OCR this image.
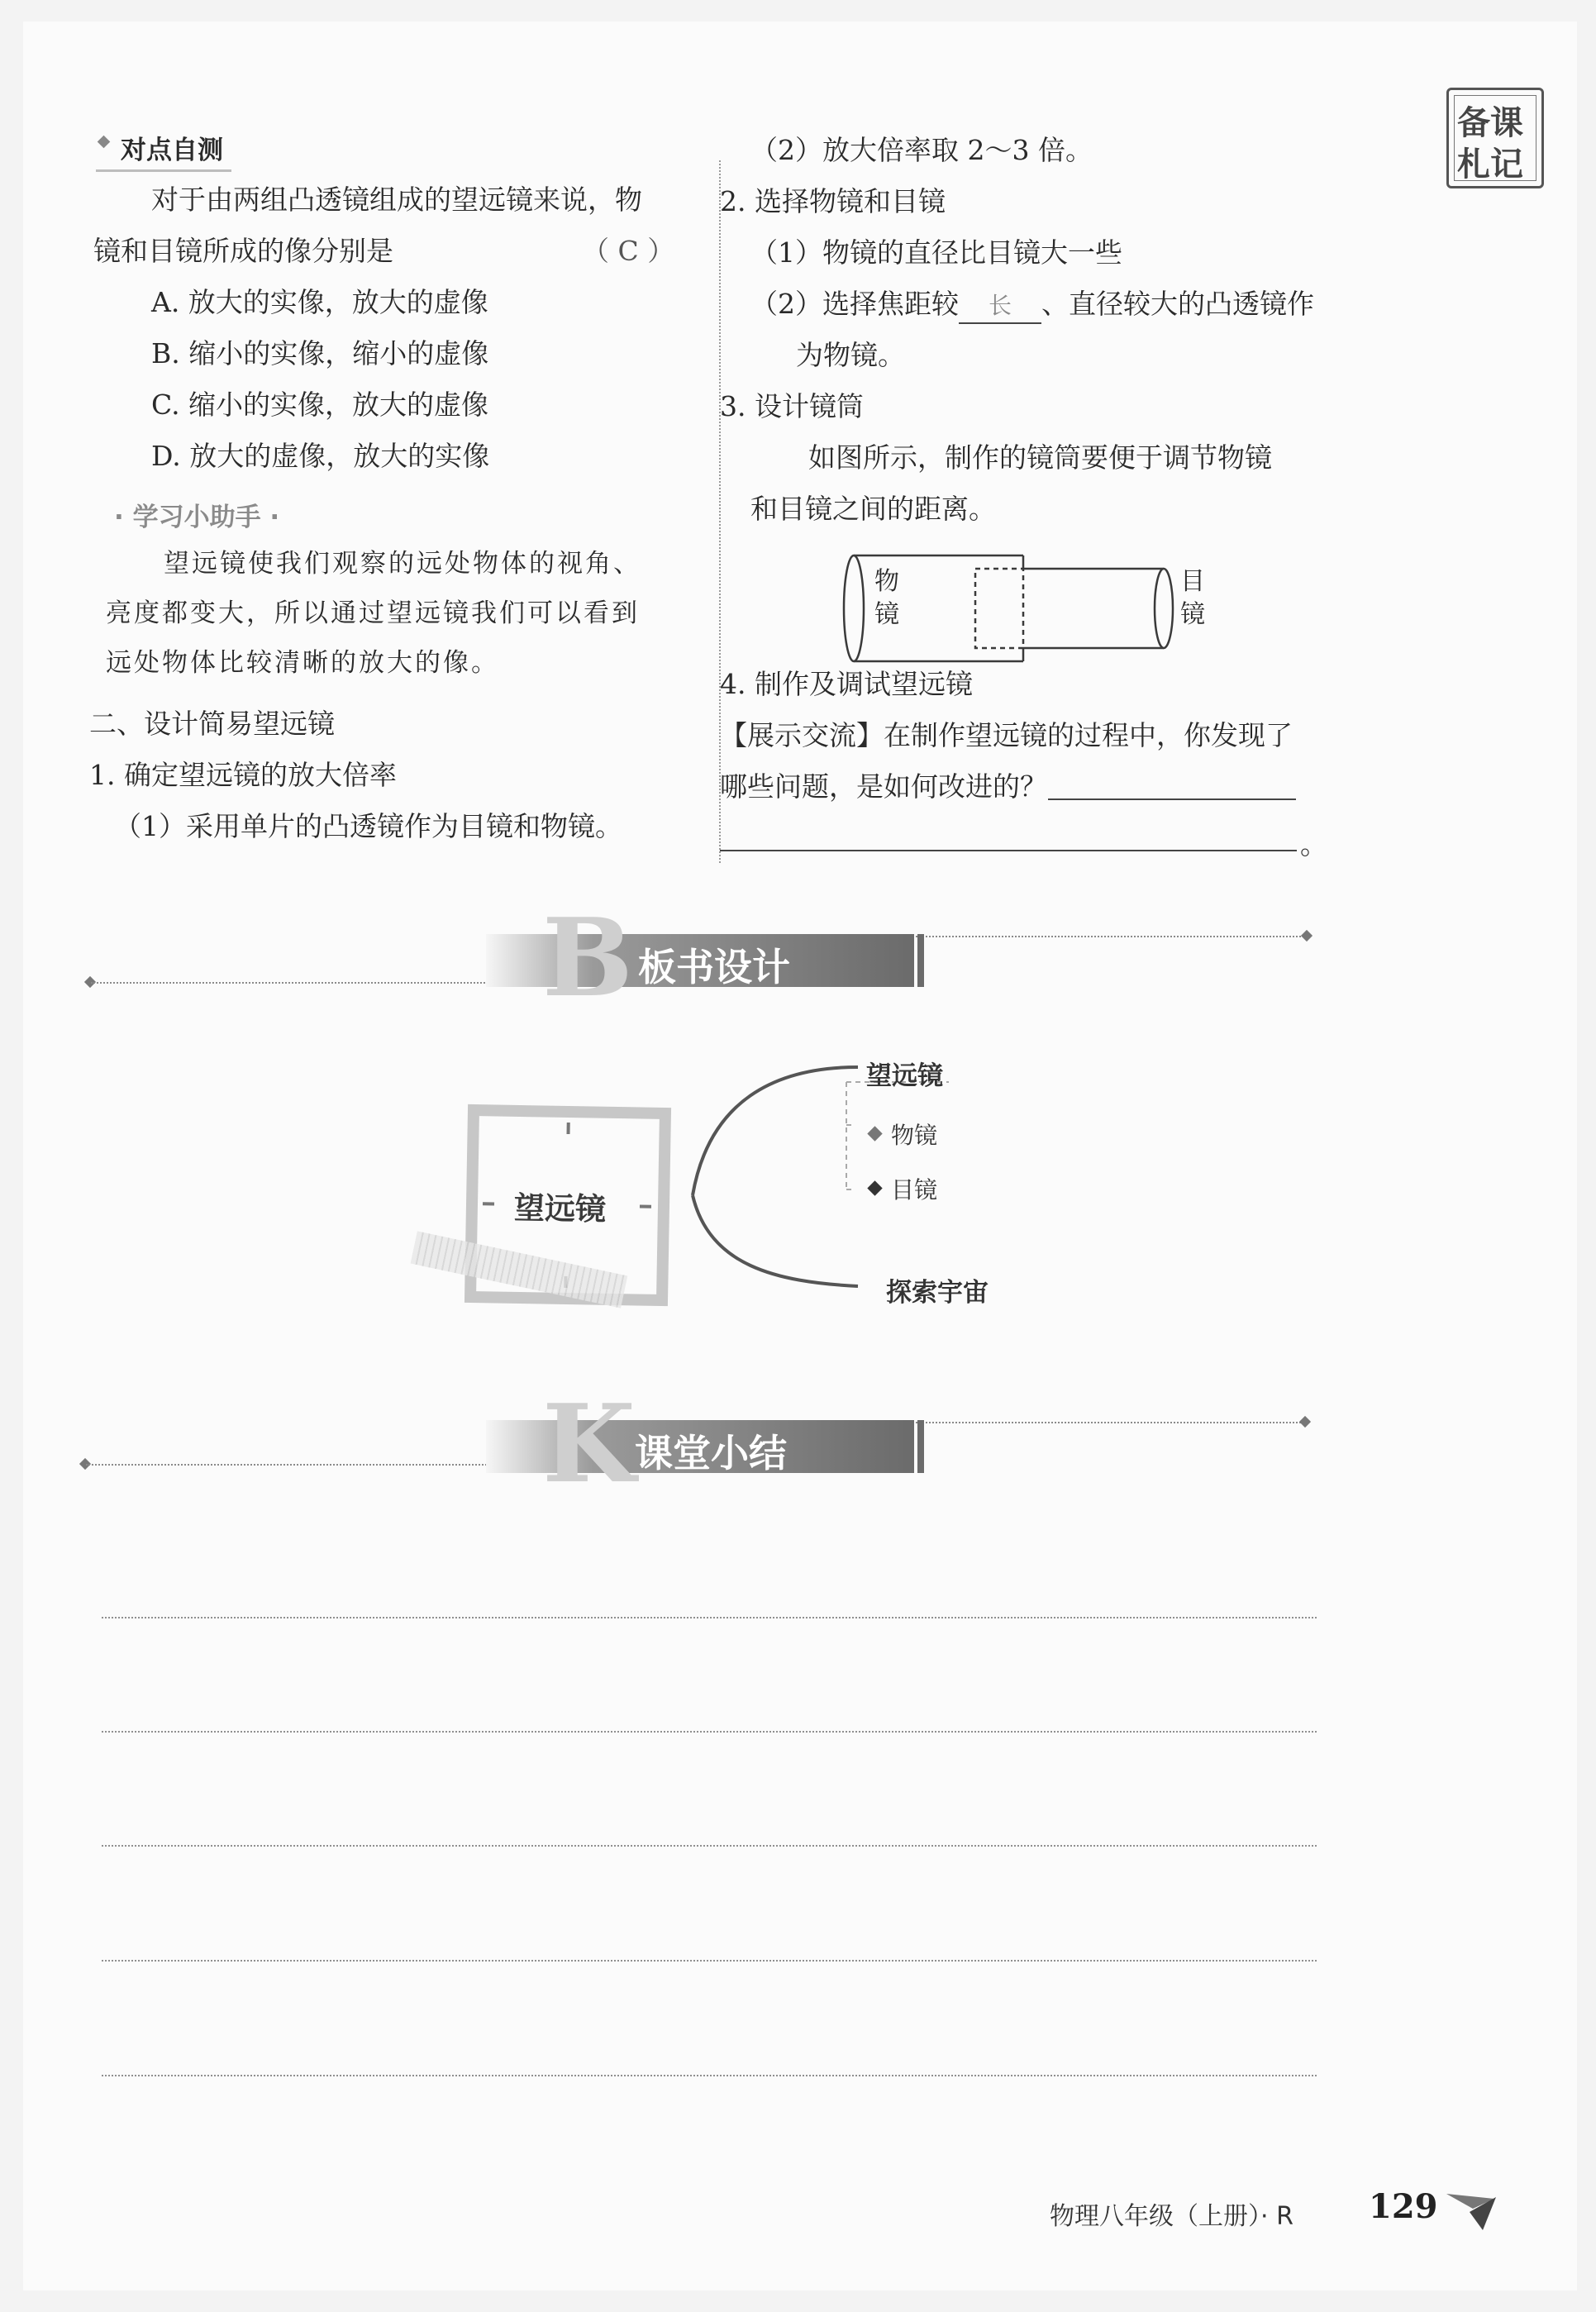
对点自测
对于由两组凸透镜组成的望远镜来说，物
镜和目镜所成的像分别是	（ C ）
A. 放大的实像，放大的虚像
B. 缩小的实像，缩小的虚像
C. 缩小的实像，放大的虚像
D. 放大的虚像，放大的实像
· 学习小助手 ·
望远镜使我们观察的远处物体的视角、
亮度都变大，所以通过望远镜我们可以看到
远处物体比较清晰的放大的像。
二、设计简易望远镜
1. 确定望远镜的放大倍率
（1）采用单片的凸透镜作为目镜和物镜。
（2）放大倍率取 2～3 倍。
2. 选择物镜和目镜
（1）物镜的直径比目镜大一些
（2）选择焦距较 长 、直径较大的凸透镜作
为物镜。
3. 设计镜筒
如图所示，制作的镜筒要便于调节物镜
和目镜之间的距离。
物
镜
目
镜
4. 制作及调试望远镜
【展示交流】在制作望远镜的过程中，你发现了
哪些问题，是如何改进的？
。
备课
札记
B 板书设计
望远镜
望远镜
物镜
目镜
探索宇宙
K 课堂小结
物理八年级（上册）· R 129
